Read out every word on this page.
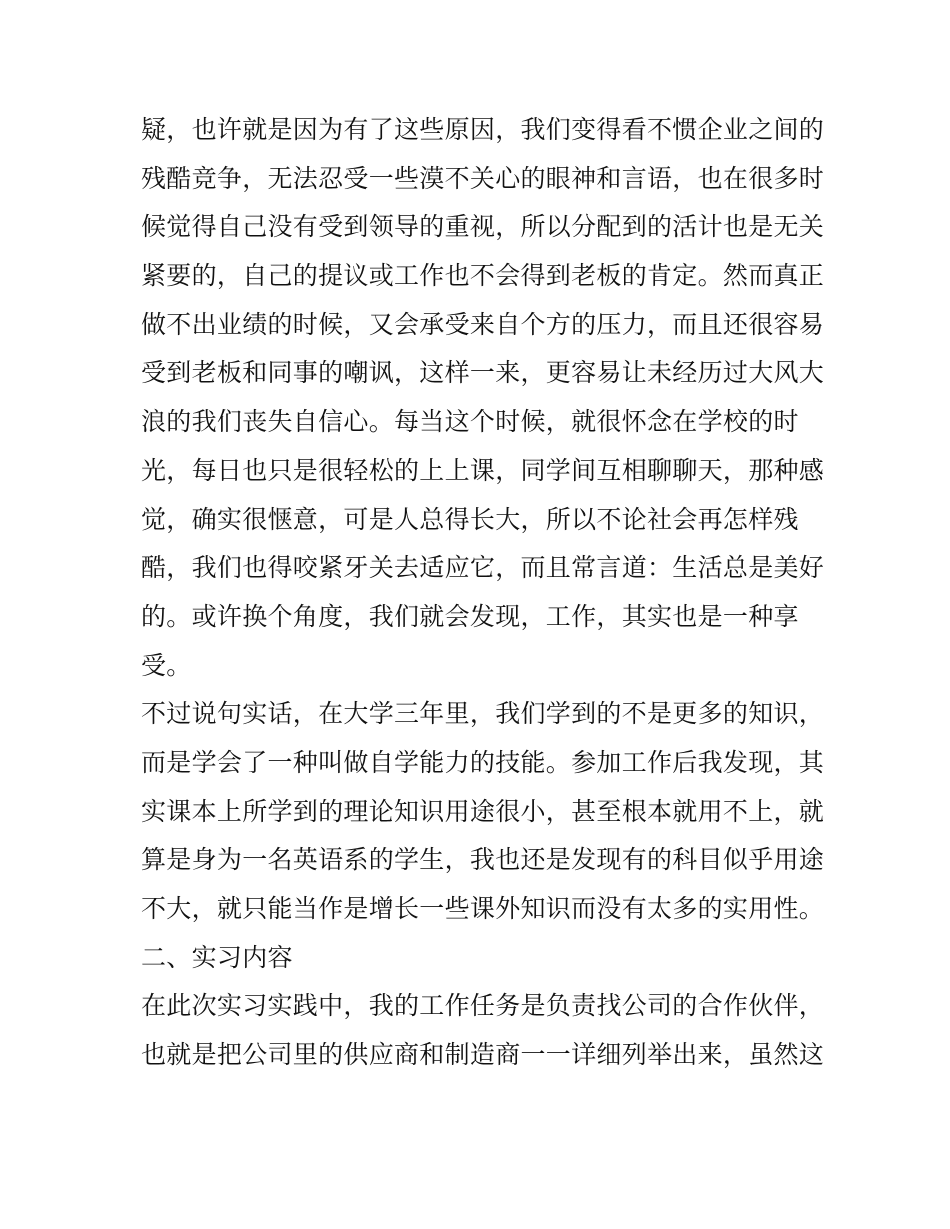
疑，也许就是因为有了这些原因，我们变得看不惯企业之间的
残酷竞争，无法忍受一些漠不关心的眼神和言语，也在很多时
候觉得自己没有受到领导的重视，所以分配到的活计也是无关
紧要的，自己的提议或工作也不会得到老板的肯定。然而真正
做不出业绩的时候，又会承受来自个方的压力，而且还很容易
受到老板和同事的嘲讽，这样一来，更容易让未经历过大风大
浪的我们丧失自信心。每当这个时候，就很怀念在学校的时
光，每日也只是很轻松的上上课，同学间互相聊聊天，那种感
觉，确实很惬意，可是人总得长大，所以不论社会再怎样残
酷，我们也得咬紧牙关去适应它，而且常言道：生活总是美好
的。或许换个角度，我们就会发现，工作，其实也是一种享
受。
不过说句实话，在大学三年里，我们学到的不是更多的知识，
而是学会了一种叫做自学能力的技能。参加工作后我发现，其
实课本上所学到的理论知识用途很小，甚至根本就用不上，就
算是身为一名英语系的学生，我也还是发现有的科目似乎用途
不大，就只能当作是增长一些课外知识而没有太多的实用性。
二、实习内容
在此次实习实践中，我的工作任务是负责找公司的合作伙伴，
也就是把公司里的供应商和制造商一一详细列举出来，虽然这
